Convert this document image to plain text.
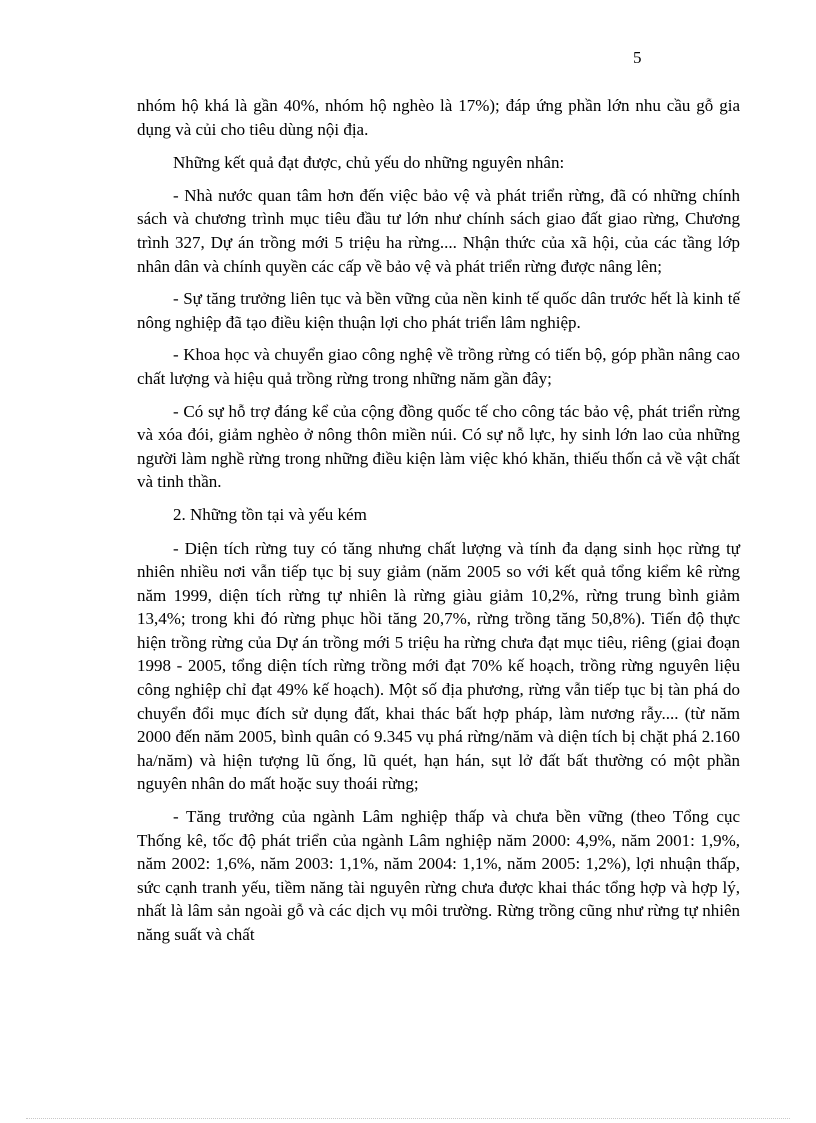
5

nhóm hộ khá là gần 40%, nhóm hộ nghèo là 17%); đáp ứng phần lớn nhu cầu gỗ gia dụng và củi cho tiêu dùng nội địa.

Những kết quả đạt được, chủ yếu do những nguyên nhân:

- Nhà nước quan tâm hơn đến việc bảo vệ và phát triển rừng, đã có những chính sách và chương trình mục tiêu đầu tư lớn như chính sách giao đất giao rừng, Chương trình 327, Dự án trồng mới 5 triệu ha rừng.... Nhận thức của xã hội, của các tầng lớp nhân dân và chính quyền các cấp về bảo vệ và phát triển rừng được nâng lên;

- Sự tăng trưởng liên tục và bền vững của nền kinh tế quốc dân trước hết là kinh tế nông nghiệp đã tạo điều kiện thuận lợi cho phát triển lâm nghiệp.

- Khoa học và chuyển giao công nghệ về trồng rừng có tiến bộ, góp phần nâng cao chất lượng và hiệu quả trồng rừng trong những năm gần đây;

- Có sự hỗ trợ đáng kể của cộng đồng quốc tế cho công tác bảo vệ, phát triển rừng và xóa đói, giảm nghèo ở nông thôn miền núi. Có sự nỗ lực, hy sinh lớn lao của những người làm nghề rừng trong những điều kiện làm việc khó khăn, thiếu thốn cả về vật chất và tinh thần.

2. Những tồn tại và yếu kém

- Diện tích rừng tuy có tăng nhưng chất lượng và tính đa dạng sinh học rừng tự nhiên nhiều nơi vẫn tiếp tục bị suy giảm (năm 2005 so với kết quả tổng kiểm kê rừng năm 1999, diện tích rừng tự nhiên là rừng giàu giảm 10,2%, rừng trung bình giảm 13,4%; trong khi đó rừng phục hồi tăng 20,7%, rừng trồng tăng 50,8%). Tiến độ thực hiện trồng rừng của Dự án trồng mới 5 triệu ha rừng chưa đạt mục tiêu, riêng (giai đoạn 1998 - 2005, tổng diện tích rừng trồng mới đạt 70% kế hoạch, trồng rừng nguyên liệu công nghiệp chỉ đạt 49% kế hoạch). Một số địa phương, rừng vẫn tiếp tục bị tàn phá do chuyển đổi mục đích sử dụng đất, khai thác bất hợp pháp, làm nương rẫy.... (từ năm 2000 đến năm 2005, bình quân có 9.345 vụ phá rừng/năm và diện tích bị chặt phá 2.160 ha/năm) và hiện tượng lũ ống, lũ quét, hạn hán, sụt lở đất bất thường có một phần nguyên nhân do mất hoặc suy thoái rừng;

- Tăng trưởng của ngành Lâm nghiệp thấp và chưa bền vững (theo Tổng cục Thống kê, tốc độ phát triển của ngành Lâm nghiệp năm 2000: 4,9%, năm 2001: 1,9%, năm 2002: 1,6%, năm 2003: 1,1%, năm 2004: 1,1%, năm 2005: 1,2%), lợi nhuận thấp, sức cạnh tranh yếu, tiềm năng tài nguyên rừng chưa được khai thác tổng hợp và hợp lý, nhất là lâm sản ngoài gỗ và các dịch vụ môi trường. Rừng trồng cũng như rừng tự nhiên năng suất và chất
